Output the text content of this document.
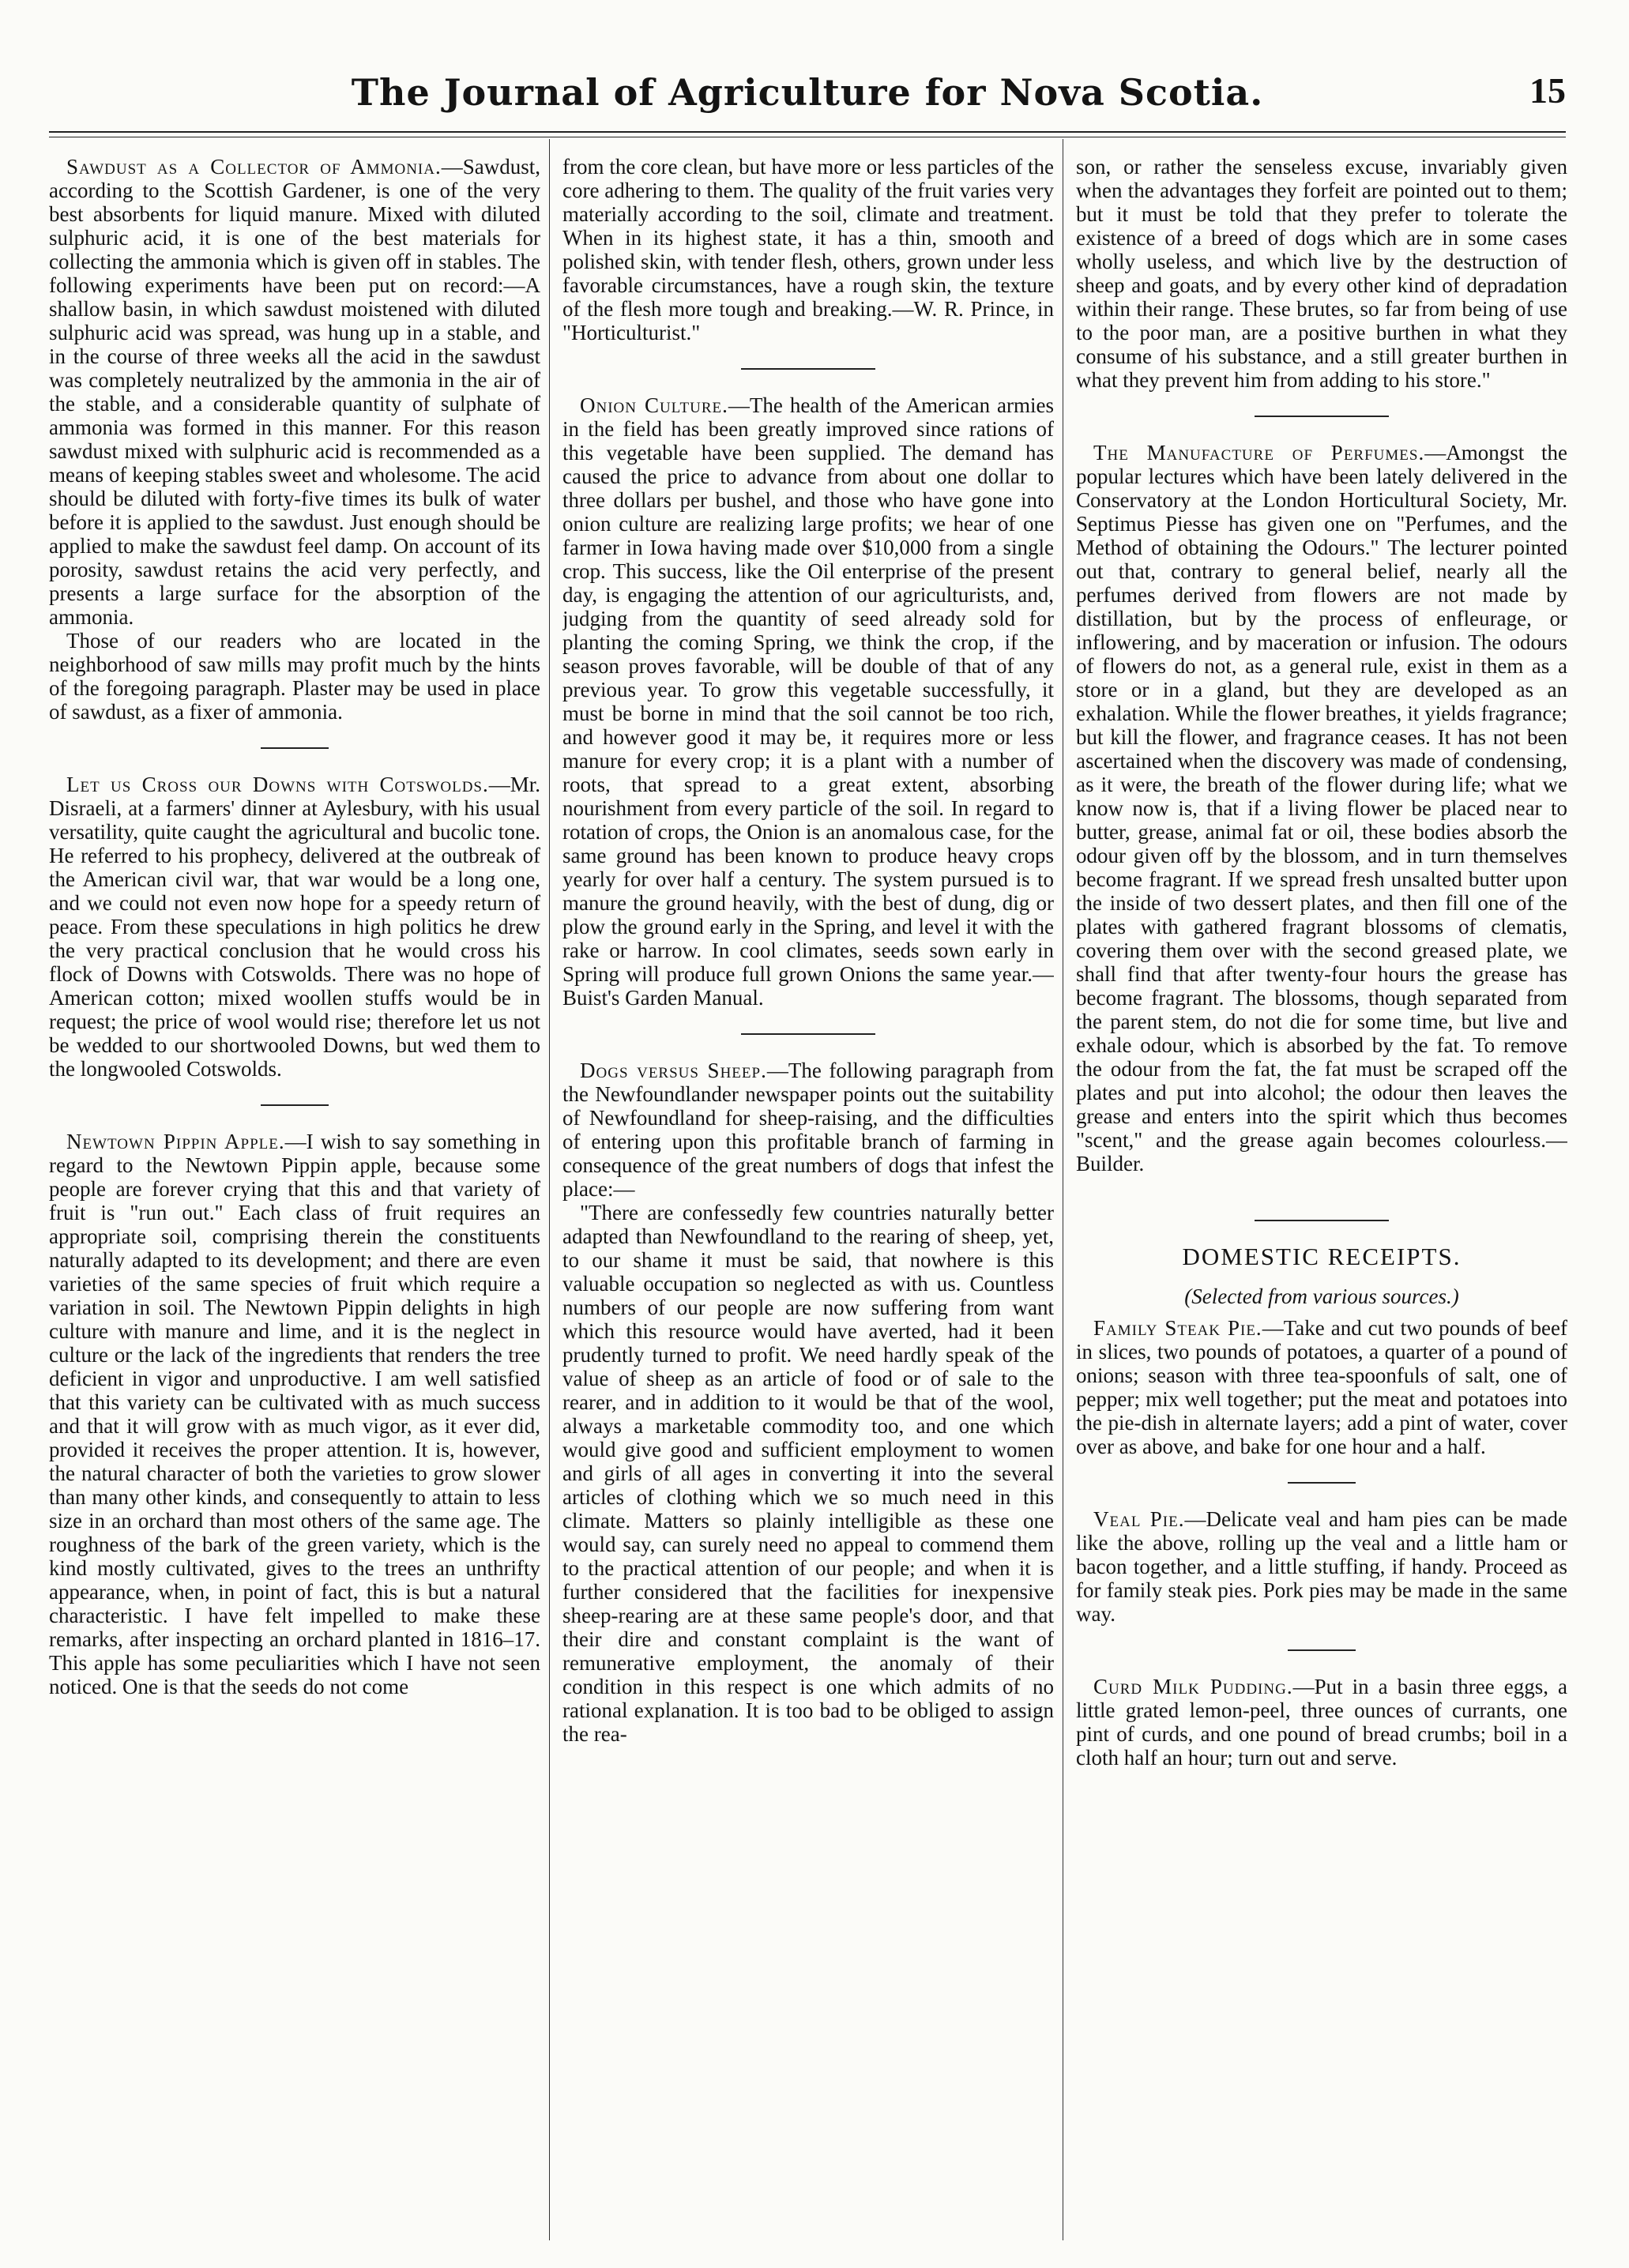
The Journal of Agriculture for Nova Scotia.	15

Sawdust as a Collector of Ammonia.—Sawdust, according to the Scottish Gardener, is one of the very best absorbents for liquid manure. Mixed with diluted sulphuric acid, it is one of the best materials for collecting the ammonia which is given off in stables. The following experiments have been put on record:—A shallow basin, in which sawdust moistened with diluted sulphuric acid was spread, was hung up in a stable, and in the course of three weeks all the acid in the sawdust was completely neutralized by the ammonia in the air of the stable, and a considerable quantity of sulphate of ammonia was formed in this manner. For this reason sawdust mixed with sulphuric acid is recommended as a means of keeping stables sweet and wholesome. The acid should be diluted with forty-five times its bulk of water before it is applied to the sawdust. Just enough should be applied to make the sawdust feel damp. On account of its porosity, sawdust retains the acid very perfectly, and presents a large surface for the absorption of the ammonia.

Those of our readers who are located in the neighborhood of saw mills may profit much by the hints of the foregoing paragraph. Plaster may be used in place of sawdust, as a fixer of ammonia.

Let us Cross our Downs with Cotswolds.—Mr. Disraeli, at a farmers' dinner at Aylesbury, with his usual versatility, quite caught the agricultural and bucolic tone. He referred to his prophecy, delivered at the outbreak of the American civil war, that war would be a long one, and we could not even now hope for a speedy return of peace. From these speculations in high politics he drew the very practical conclusion that he would cross his flock of Downs with Cotswolds. There was no hope of American cotton; mixed woollen stuffs would be in request; the price of wool would rise; therefore let us not be wedded to our shortwooled Downs, but wed them to the longwooled Cotswolds.

Newtown Pippin Apple.—I wish to say something in regard to the Newtown Pippin apple, because some people are forever crying that this and that variety of fruit is "run out." Each class of fruit requires an appropriate soil, comprising therein the constituents naturally adapted to its development; and there are even varieties of the same species of fruit which require a variation in soil. The Newtown Pippin delights in high culture with manure and lime, and it is the neglect in culture or the lack of the ingredients that renders the tree deficient in vigor and unproductive. I am well satisfied that this variety can be cultivated with as much success and that it will grow with as much vigor, as it ever did, provided it receives the proper attention. It is, however, the natural character of both the varieties to grow slower than many other kinds, and consequently to attain to less size in an orchard than most others of the same age. The roughness of the bark of the green variety, which is the kind mostly cultivated, gives to the trees an unthrifty appearance, when, in point of fact, this is but a natural characteristic. I have felt impelled to make these remarks, after inspecting an orchard planted in 1816–17. This apple has some peculiarities which I have not seen noticed. One is that the seeds do not come

from the core clean, but have more or less particles of the core adhering to them. The quality of the fruit varies very materially according to the soil, climate and treatment. When in its highest state, it has a thin, smooth and polished skin, with tender flesh, others, grown under less favorable circumstances, have a rough skin, the texture of the flesh more tough and breaking.—W. R. Prince, in "Horticulturist."

Onion Culture.—The health of the American armies in the field has been greatly improved since rations of this vegetable have been supplied. The demand has caused the price to advance from about one dollar to three dollars per bushel, and those who have gone into onion culture are realizing large profits; we hear of one farmer in Iowa having made over $10,000 from a single crop. This success, like the Oil enterprise of the present day, is engaging the attention of our agriculturists, and, judging from the quantity of seed already sold for planting the coming Spring, we think the crop, if the season proves favorable, will be double of that of any previous year. To grow this vegetable successfully, it must be borne in mind that the soil cannot be too rich, and however good it may be, it requires more or less manure for every crop; it is a plant with a number of roots, that spread to a great extent, absorbing nourishment from every particle of the soil. In regard to rotation of crops, the Onion is an anomalous case, for the same ground has been known to produce heavy crops yearly for over half a century. The system pursued is to manure the ground heavily, with the best of dung, dig or plow the ground early in the Spring, and level it with the rake or harrow. In cool climates, seeds sown early in Spring will produce full grown Onions the same year.—Buist's Garden Manual.

Dogs versus Sheep.—The following paragraph from the Newfoundlander newspaper points out the suitability of Newfoundland for sheep-raising, and the difficulties of entering upon this profitable branch of farming in consequence of the great numbers of dogs that infest the place:—

"There are confessedly few countries naturally better adapted than Newfoundland to the rearing of sheep, yet, to our shame it must be said, that nowhere is this valuable occupation so neglected as with us. Countless numbers of our people are now suffering from want which this resource would have averted, had it been prudently turned to profit. We need hardly speak of the value of sheep as an article of food or of sale to the rearer, and in addition to it would be that of the wool, always a marketable commodity too, and one which would give good and sufficient employment to women and girls of all ages in converting it into the several articles of clothing which we so much need in this climate. Matters so plainly intelligible as these one would say, can surely need no appeal to commend them to the practical attention of our people; and when it is further considered that the facilities for inexpensive sheep-rearing are at these same people's door, and that their dire and constant complaint is the want of remunerative employment, the anomaly of their condition in this respect is one which admits of no rational explanation. It is too bad to be obliged to assign the rea-

son, or rather the senseless excuse, invariably given when the advantages they forfeit are pointed out to them; but it must be told that they prefer to tolerate the existence of a breed of dogs which are in some cases wholly useless, and which live by the destruction of sheep and goats, and by every other kind of depradation within their range. These brutes, so far from being of use to the poor man, are a positive burthen in what they consume of his substance, and a still greater burthen in what they prevent him from adding to his store."

The Manufacture of Perfumes.—Amongst the popular lectures which have been lately delivered in the Conservatory at the London Horticultural Society, Mr. Septimus Piesse has given one on "Perfumes, and the Method of obtaining the Odours." The lecturer pointed out that, contrary to general belief, nearly all the perfumes derived from flowers are not made by distillation, but by the process of enfleurage, or inflowering, and by maceration or infusion. The odours of flowers do not, as a general rule, exist in them as a store or in a gland, but they are developed as an exhalation. While the flower breathes, it yields fragrance; but kill the flower, and fragrance ceases. It has not been ascertained when the discovery was made of condensing, as it were, the breath of the flower during life; what we know now is, that if a living flower be placed near to butter, grease, animal fat or oil, these bodies absorb the odour given off by the blossom, and in turn themselves become fragrant. If we spread fresh unsalted butter upon the inside of two dessert plates, and then fill one of the plates with gathered fragrant blossoms of clematis, covering them over with the second greased plate, we shall find that after twenty-four hours the grease has become fragrant. The blossoms, though separated from the parent stem, do not die for some time, but live and exhale odour, which is absorbed by the fat. To remove the odour from the fat, the fat must be scraped off the plates and put into alcohol; the odour then leaves the grease and enters into the spirit which thus becomes "scent," and the grease again becomes colourless.—Builder.

DOMESTIC RECEIPTS.
(Selected from various sources.)

Family Steak Pie.—Take and cut two pounds of beef in slices, two pounds of potatoes, a quarter of a pound of onions; season with three tea-spoonfuls of salt, one of pepper; mix well together; put the meat and potatoes into the pie-dish in alternate layers; add a pint of water, cover over as above, and bake for one hour and a half.

Veal Pie.—Delicate veal and ham pies can be made like the above, rolling up the veal and a little ham or bacon together, and a little stuffing, if handy. Proceed as for family steak pies. Pork pies may be made in the same way.

Curd Milk Pudding.—Put in a basin three eggs, a little grated lemon-peel, three ounces of currants, one pint of curds, and one pound of bread crumbs; boil in a cloth half an hour; turn out and serve.
